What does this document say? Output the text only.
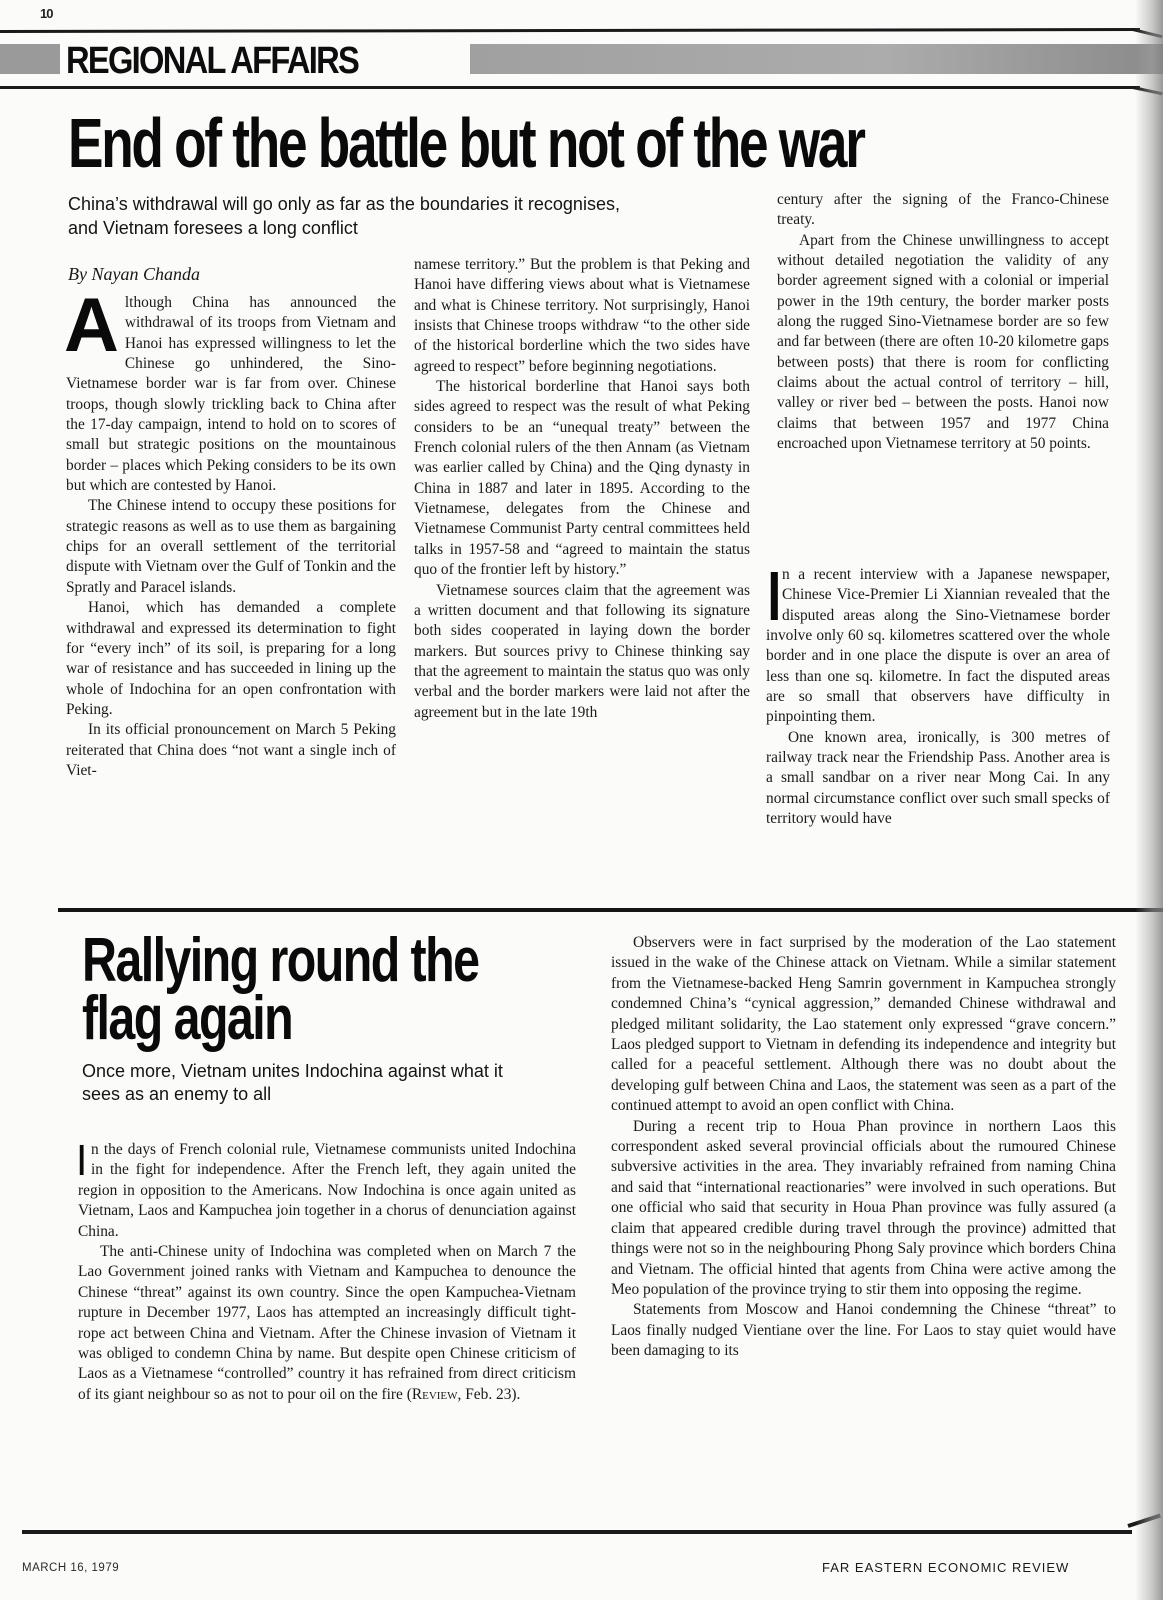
10
REGIONAL AFFAIRS
End of the battle but not of the war
China’s withdrawal will go only as far as the boundaries it recognises, and Vietnam foresees a long conflict
By Nayan Chanda

Although China has announced the withdrawal of its troops from Vietnam and Hanoi has expressed willingness to let the Chinese go unhindered, the Sino-Vietnamese border war is far from over. Chinese troops, though slowly trickling back to China after the 17-day campaign, intend to hold on to scores of small but strategic positions on the mountainous border – places which Peking considers to be its own but which are contested by Hanoi.

The Chinese intend to occupy these positions for strategic reasons as well as to use them as bargaining chips for an overall settlement of the territorial dispute with Vietnam over the Gulf of Tonkin and the Spratly and Paracel islands.

Hanoi, which has demanded a complete withdrawal and expressed its determination to fight for “every inch” of its soil, is preparing for a long war of resistance and has succeeded in lining up the whole of Indochina for an open confrontation with Peking.

In its official pronouncement on March 5 Peking reiterated that China does “not want a single inch of Viet-

namese territory.” But the problem is that Peking and Hanoi have differing views about what is Vietnamese and what is Chinese territory. Not surprisingly, Hanoi insists that Chinese troops withdraw “to the other side of the historical borderline which the two sides have agreed to respect” before beginning negotiations.

The historical borderline that Hanoi says both sides agreed to respect was the result of what Peking considers to be an “unequal treaty” between the French colonial rulers of the then Annam (as Vietnam was earlier called by China) and the Qing dynasty in China in 1887 and later in 1895. According to the Vietnamese, delegates from the Chinese and Vietnamese Communist Party central committees held talks in 1957-58 and “agreed to maintain the status quo of the frontier left by history.”

Vietnamese sources claim that the agreement was a written document and that following its signature both sides cooperated in laying down the border markers. But sources privy to Chinese thinking say that the agreement to maintain the status quo was only verbal and the border markers were laid not after the agreement but in the late 19th

century after the signing of the Franco-Chinese treaty.

Apart from the Chinese unwillingness to accept without detailed negotiation the validity of any border agreement signed with a colonial or imperial power in the 19th century, the border marker posts along the rugged Sino-Vietnamese border are so few and far between (there are often 10-20 kilometre gaps between posts) that there is room for conflicting claims about the actual control of territory – hill, valley or river bed – between the posts. Hanoi now claims that between 1957 and 1977 China encroached upon Vietnamese territory at 50 points.

In a recent interview with a Japanese newspaper, Chinese Vice-Premier Li Xiannian revealed that the disputed areas along the Sino-Vietnamese border involve only 60 sq. kilometres scattered over the whole border and in one place the dispute is over an area of less than one sq. kilometre. In fact the disputed areas are so small that observers have difficulty in pinpointing them.

One known area, ironically, is 300 metres of railway track near the Friendship Pass. Another area is a small sandbar on a river near Mong Cai. In any normal circumstance conflict over such small specks of territory would have

Rallying round the
flag again
Once more, Vietnam unites Indochina against what it sees as an enemy to all

In the days of French colonial rule, Vietnamese communists united Indochina in the fight for independence. After the French left, they again united the region in opposition to the Americans. Now Indochina is once again united as Vietnam, Laos and Kampuchea join together in a chorus of denunciation against China.

The anti-Chinese unity of Indochina was completed when on March 7 the Lao Government joined ranks with Vietnam and Kampuchea to denounce the Chinese “threat” against its own country. Since the open Kampuchea-Vietnam rupture in December 1977, Laos has attempted an increasingly difficult tight-rope act between China and Vietnam. After the Chinese invasion of Vietnam it was obliged to condemn China by name. But despite open Chinese criticism of Laos as a Vietnamese “controlled” country it has refrained from direct criticism of its giant neighbour so as not to pour oil on the fire (Review, Feb. 23).

Observers were in fact surprised by the moderation of the Lao statement issued in the wake of the Chinese attack on Vietnam. While a similar statement from the Vietnamese-backed Heng Samrin government in Kampuchea strongly condemned China’s “cynical aggression,” demanded Chinese withdrawal and pledged militant solidarity, the Lao statement only expressed “grave concern.” Laos pledged support to Vietnam in defending its independence and integrity but called for a peaceful settlement. Although there was no doubt about the developing gulf between China and Laos, the statement was seen as a part of the continued attempt to avoid an open conflict with China.

During a recent trip to Houa Phan province in northern Laos this correspondent asked several provincial officials about the rumoured Chinese subversive activities in the area. They invariably refrained from naming China and said that “international reactionaries” were involved in such operations. But one official who said that security in Houa Phan province was fully assured (a claim that appeared credible during travel through the province) admitted that things were not so in the neighbouring Phong Saly province which borders China and Vietnam. The official hinted that agents from China were active among the Meo population of the province trying to stir them into opposing the regime.

Statements from Moscow and Hanoi condemning the Chinese “threat” to Laos finally nudged Vientiane over the line. For Laos to stay quiet would have been damaging to its

MARCH 16, 1979	FAR EASTERN ECONOMIC REVIEW
